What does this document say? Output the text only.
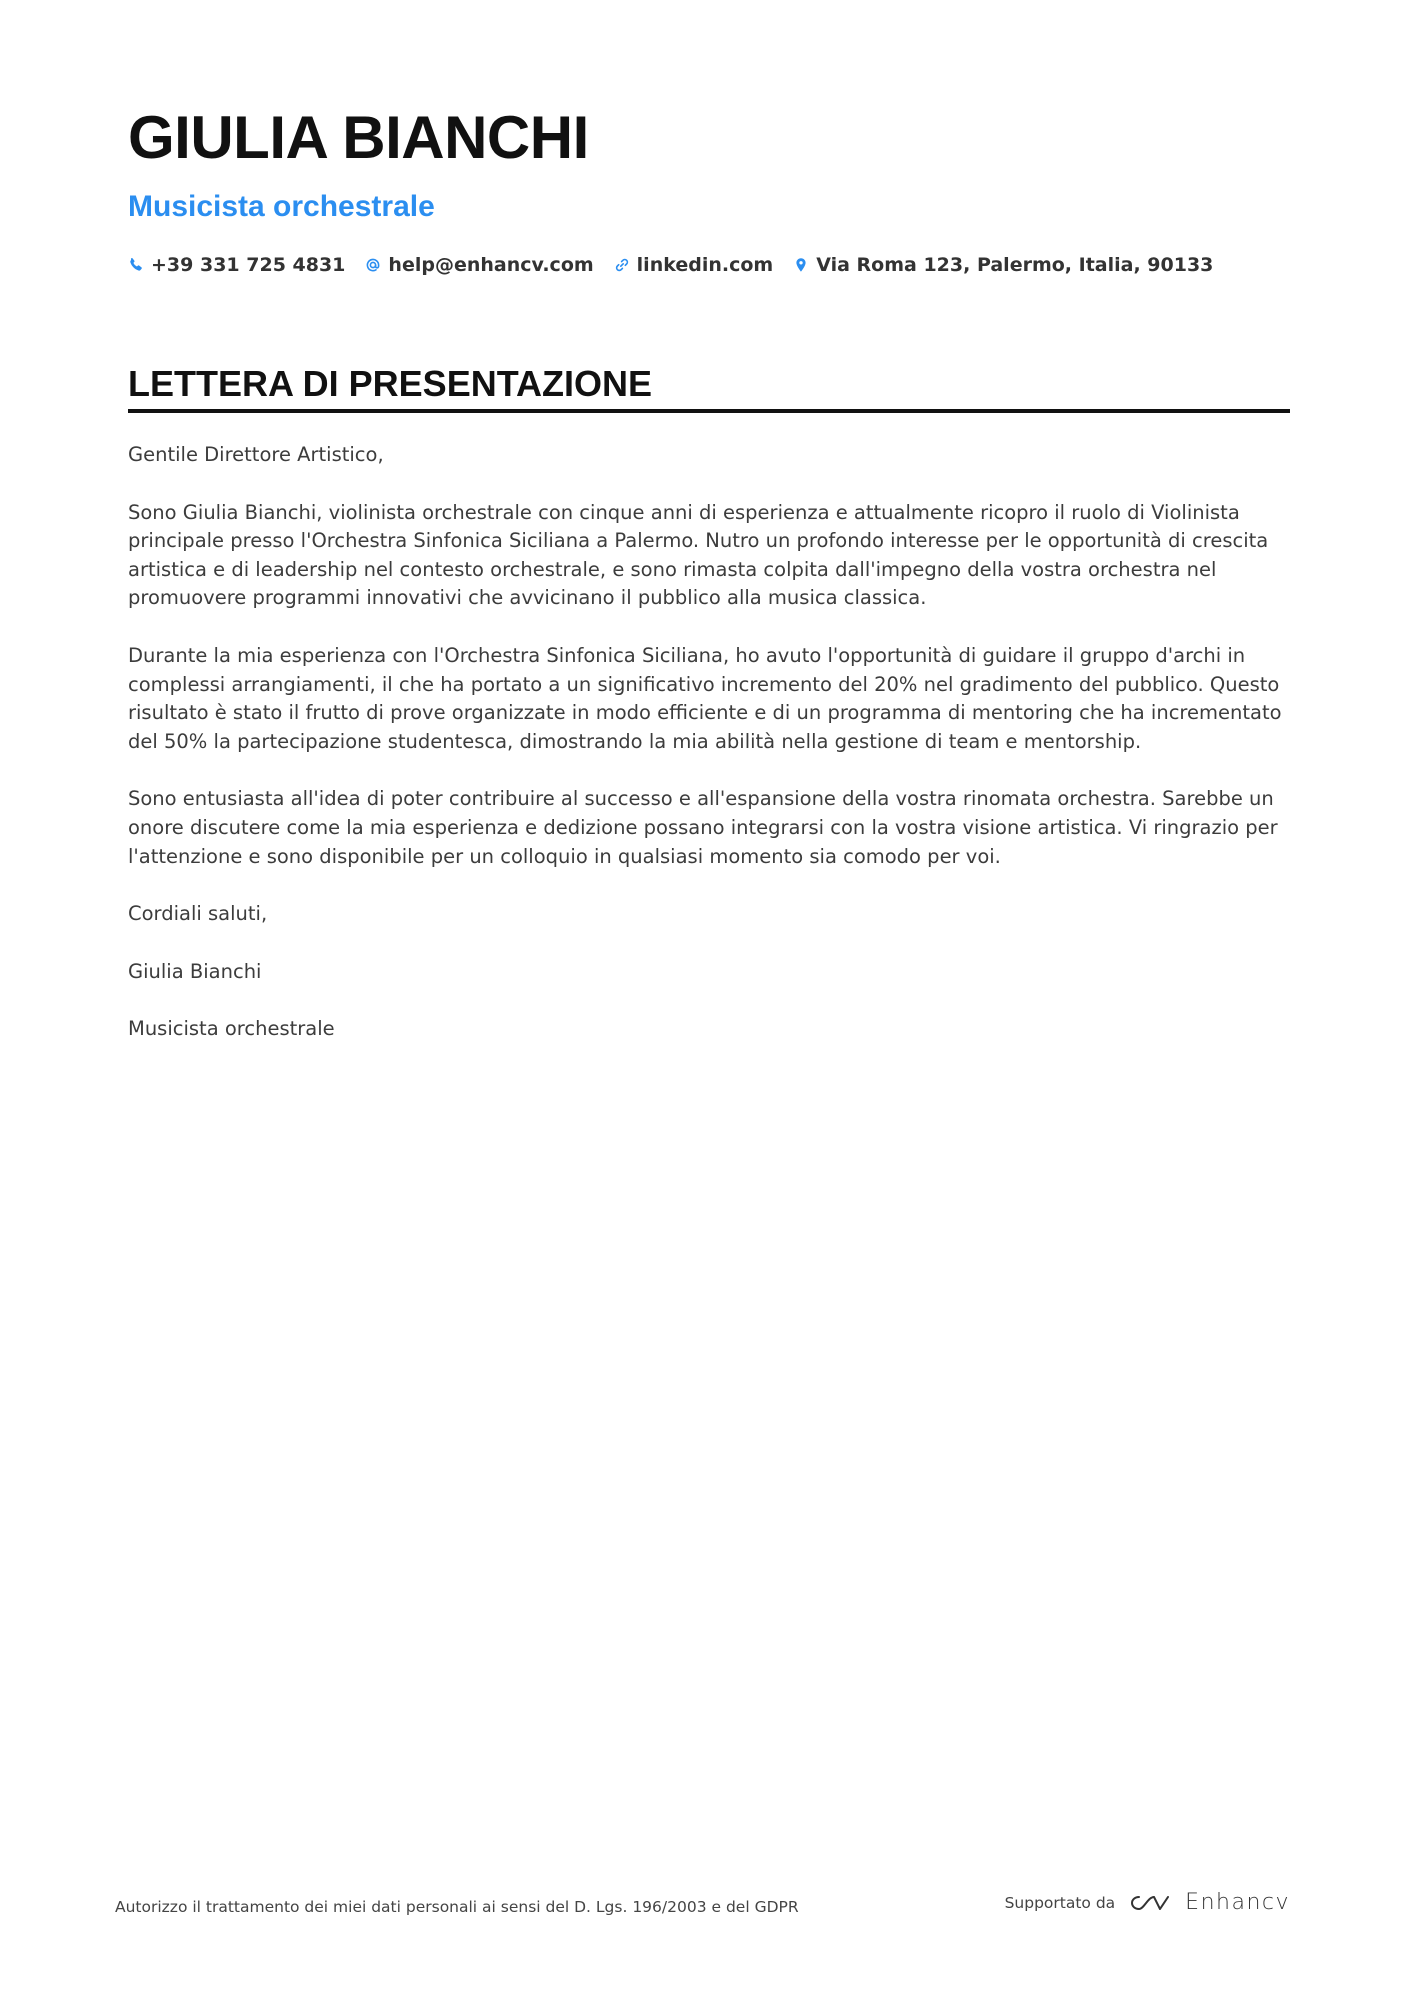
GIULIA BIANCHI
Musicista orchestrale
+39 331 725 4831 help@enhancv.com linkedin.com Via Roma 123, Palermo, Italia, 90133
LETTERA DI PRESENTAZIONE

Gentile Direttore Artistico,

Sono Giulia Bianchi, violinista orchestrale con cinque anni di esperienza e attualmente ricopro il ruolo di Violinista principale presso l'Orchestra Sinfonica Siciliana a Palermo. Nutro un profondo interesse per le opportunità di crescita artistica e di leadership nel contesto orchestrale, e sono rimasta colpita dall'impegno della vostra orchestra nel promuovere programmi innovativi che avvicinano il pubblico alla musica classica.

Durante la mia esperienza con l'Orchestra Sinfonica Siciliana, ho avuto l'opportunità di guidare il gruppo d'archi in complessi arrangiamenti, il che ha portato a un significativo incremento del 20% nel gradimento del pubblico. Questo risultato è stato il frutto di prove organizzate in modo efficiente e di un programma di mentoring che ha incrementato del 50% la partecipazione studentesca, dimostrando la mia abilità nella gestione di team e mentorship.

Sono entusiasta all'idea di poter contribuire al successo e all'espansione della vostra rinomata orchestra. Sarebbe un onore discutere come la mia esperienza e dedizione possano integrarsi con la vostra visione artistica. Vi ringrazio per l'attenzione e sono disponibile per un colloquio in qualsiasi momento sia comodo per voi.

Cordiali saluti,

Giulia Bianchi

Musicista orchestrale

Autorizzo il trattamento dei miei dati personali ai sensi del D. Lgs. 196/2003 e del GDPR	Supportato da	Enhancv
